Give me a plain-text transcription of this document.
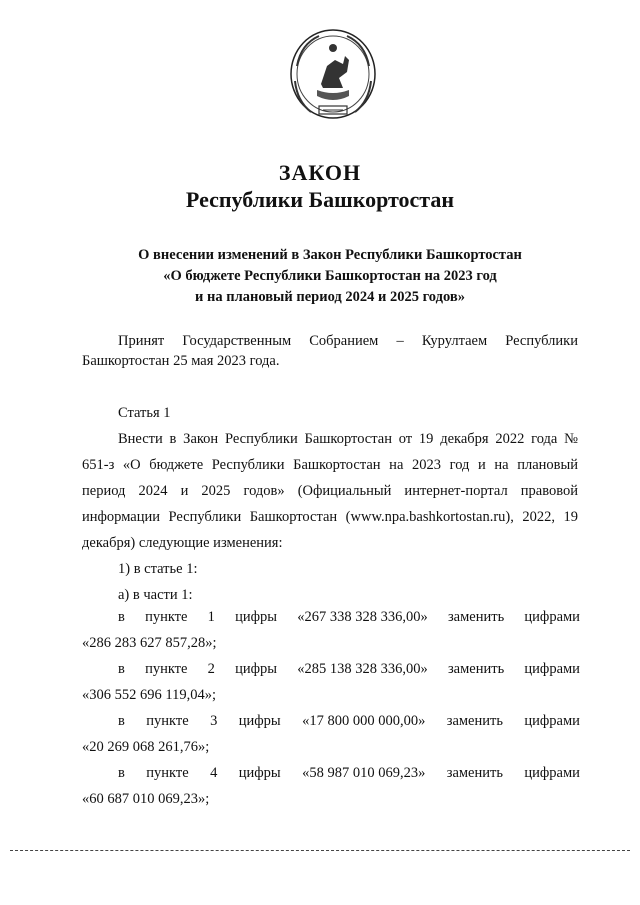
ЗАКОН
Республики Башкортостан
О внесении изменений в Закон Республики Башкортостан
«О бюджете Республики Башкортостан на 2023 год
и на плановый период 2024 и 2025 годов»
Принят Государственным Собранием – Курултаем Республики
Башкортостан 25 мая 2023 года.
Статья 1
Внести в Закон Республики Башкортостан от 19 декабря 2022 года №
651-з «О бюджете Республики Башкортостан на 2023 год и на плановый
период 2024 и 2025 годов» (Официальный интернет-портал правовой
информации Республики Башкортостан (www.npa.bashkortostan.ru), 2022, 19
декабря) следующие изменения:
1) в статье 1:
а) в части 1:
в пункте 1 цифры «267 338 328 336,00» заменить цифрами
«286 283 627 857,28»;
в пункте 2 цифры «285 138 328 336,00» заменить цифрами
«306 552 696 119,04»;
в пункте 3 цифры «17 800 000 000,00» заменить цифрами
«20 269 068 261,76»;
в пункте 4 цифры «58 987 010 069,23» заменить цифрами
«60 687 010 069,23»;
